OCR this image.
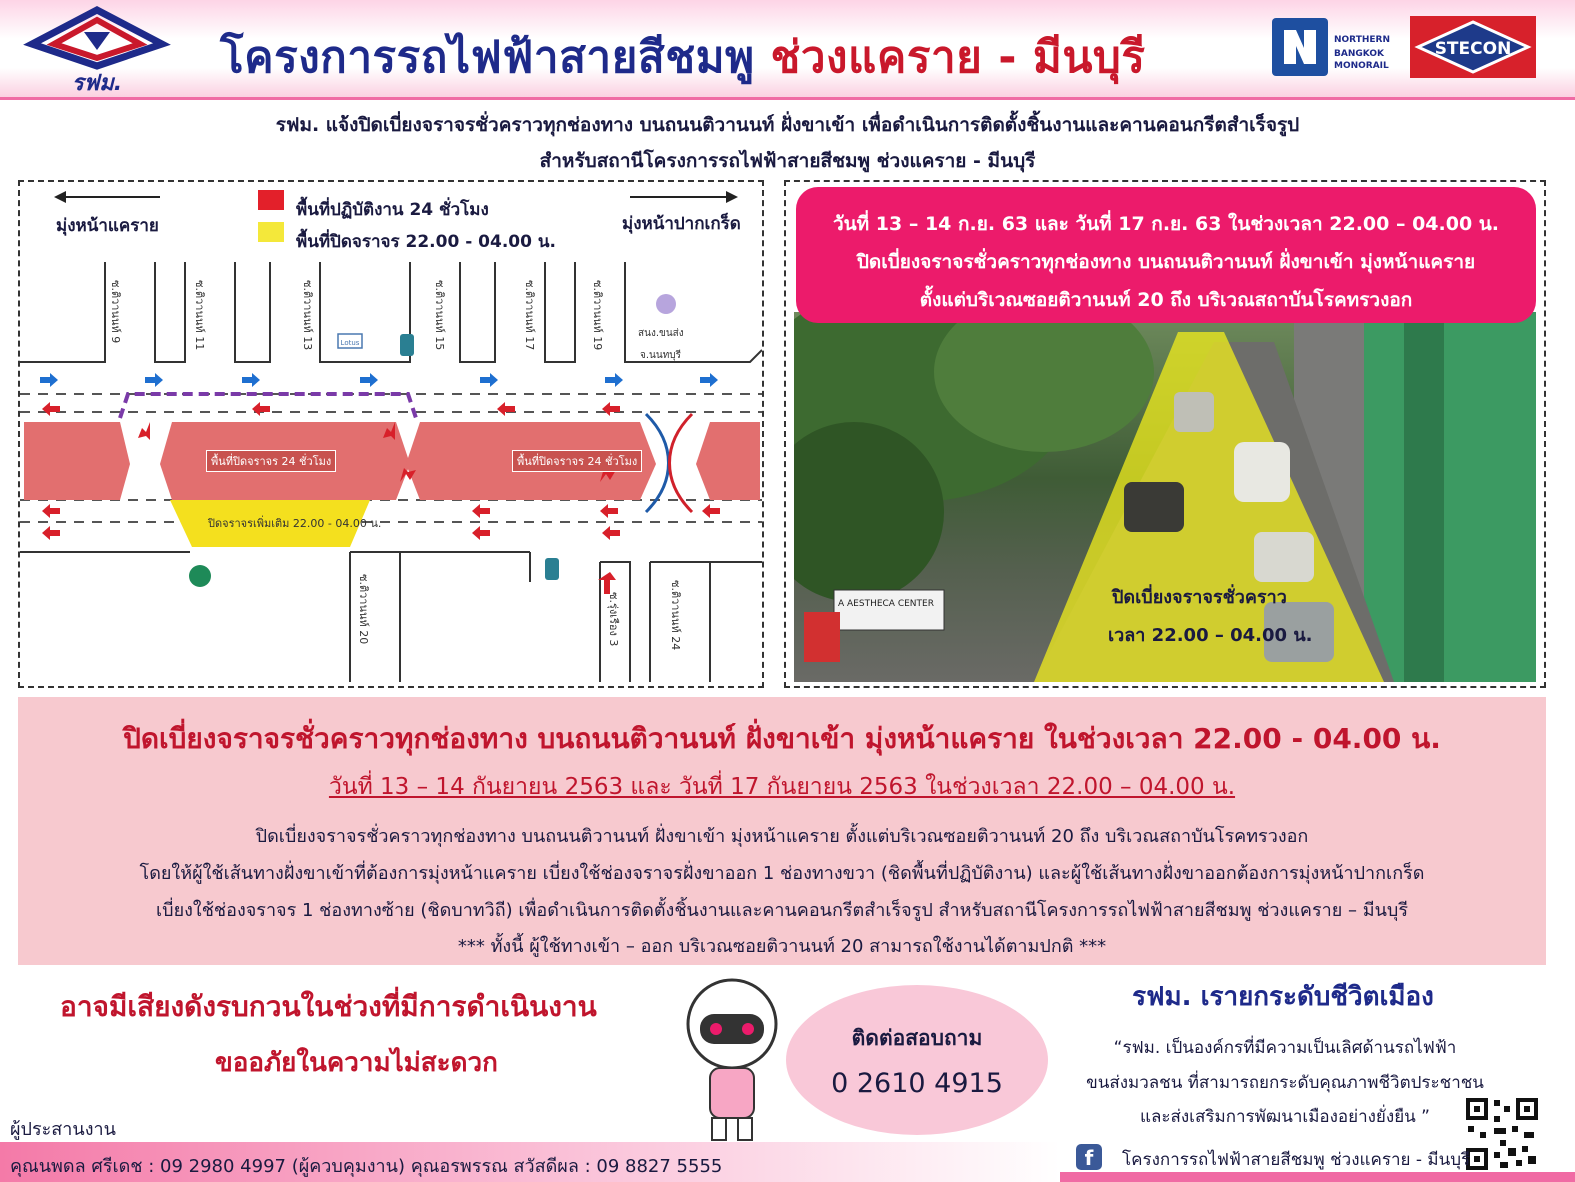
รฟม.
โครงการรถไฟฟ้าสายสีชมพู ช่วงแคราย - มีนบุรี	NORTHERN
BANGKOK
MONORAIL
STECON
รฟม. แจ้งปิดเบี่ยงจราจรชั่วคราวทุกช่องทาง บนถนนติวานนท์ ฝั่งขาเข้า เพื่อดำเนินการติดตั้งชิ้นงานและคานคอนกรีตสำเร็จรูป
สำหรับสถานีโครงการรถไฟฟ้าสายสีชมพู ช่วงแคราย - มีนบุรี
Lotus
มุ่งหน้าแคราย	มุ่งหน้าปากเกร็ด
พื้นที่ปฏิบัติงาน 24 ชั่วโมง
พื้นที่ปิดจราจร 22.00 - 04.00 น.
ซ.ติวานนท์ 9	ซ.ติวานนท์ 11	ซ.ติวานนท์ 13	ซ.ติวานนท์ 15	ซ.ติวานนท์ 17	ซ.ติวานนท์ 19
ซ.ติวานนท์ 20	ซ.รุ่งเรือง 3	ซ.ติวานนท์ 24
สนง.ขนส่ง
จ.นนทบุรี
พื้นที่ปิดจราจร 24 ชั่วโมง	พื้นที่ปิดจราจร 24 ชั่วโมง
ปิดจราจรเพิ่มเติม 22.00 - 04.00 น.
A AESTHECA CENTER
วันที่ 13 – 14 ก.ย. 63 และ วันที่ 17 ก.ย. 63 ในช่วงเวลา 22.00 – 04.00 น.
ปิดเบี่ยงจราจรชั่วคราวทุกช่องทาง บนถนนติวานนท์ ฝั่งขาเข้า มุ่งหน้าแคราย
ตั้งแต่บริเวณซอยติวานนท์ 20 ถึง บริเวณสถาบันโรคทรวงอก
ปิดเบี่ยงจราจรชั่วคราว
เวลา 22.00 – 04.00 น.
ปิดเบี่ยงจราจรชั่วคราวทุกช่องทาง บนถนนติวานนท์ ฝั่งขาเข้า มุ่งหน้าแคราย ในช่วงเวลา 22.00 - 04.00 น.
วันที่ 13 – 14 กันยายน 2563 และ วันที่ 17 กันยายน 2563 ในช่วงเวลา 22.00 – 04.00 น.
ปิดเบี่ยงจราจรชั่วคราวทุกช่องทาง บนถนนติวานนท์ ฝั่งขาเข้า มุ่งหน้าแคราย ตั้งแต่บริเวณซอยติวานนท์ 20 ถึง บริเวณสถาบันโรคทรวงอก
โดยให้ผู้ใช้เส้นทางฝั่งขาเข้าที่ต้องการมุ่งหน้าแคราย เบี่ยงใช้ช่องจราจรฝั่งขาออก 1 ช่องทางขวา (ชิดพื้นที่ปฏิบัติงาน) และผู้ใช้เส้นทางฝั่งขาออกต้องการมุ่งหน้าปากเกร็ด
เบี่ยงใช้ช่องจราจร 1 ช่องทางซ้าย (ชิดบาทวิถี) เพื่อดำเนินการติดตั้งชิ้นงานและคานคอนกรีตสำเร็จรูป สำหรับสถานีโครงการรถไฟฟ้าสายสีชมพู ช่วงแคราย – มีนบุรี
*** ทั้งนี้ ผู้ใช้ทางเข้า – ออก บริเวณซอยติวานนท์ 20 สามารถใช้งานได้ตามปกติ ***
อาจมีเสียงดังรบกวนในช่วงที่มีการดำเนินงาน
ขออภัยในความไม่สะดวก
ติดต่อสอบถาม
0 2610 4915
รฟม. เรายกระดับชีวิตเมือง
“รฟม. เป็นองค์กรที่มีความเป็นเลิศด้านรถไฟฟ้า
ขนส่งมวลชน ที่สามารถยกระดับคุณภาพชีวิตประชาชน
และส่งเสริมการพัฒนาเมืองอย่างยั่งยืน ”
f	โครงการรถไฟฟ้าสายสีชมพู ช่วงแคราย - มีนบุรี
ผู้ประสานงาน
คุณนพดล ศรีเดช : 09 2980 4997 (ผู้ควบคุมงาน) คุณอรพรรณ สวัสดีผล : 09 8827 5555
